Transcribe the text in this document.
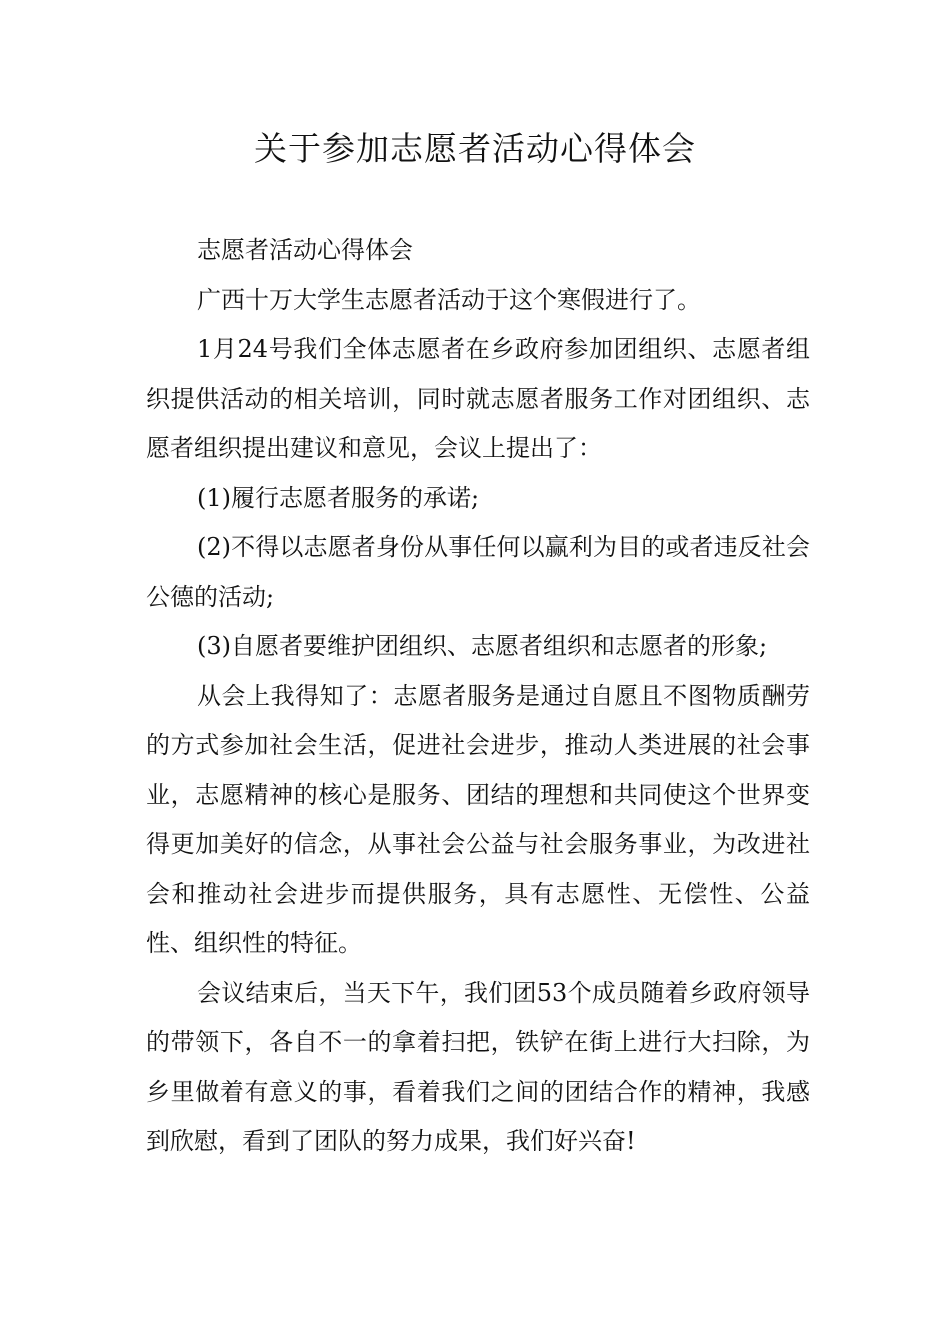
关于参加志愿者活动心得体会

志愿者活动心得体会

广西十万大学生志愿者活动于这个寒假进行了。

1月24号我们全体志愿者在乡政府参加团组织、志愿者组织提供活动的相关培训，同时就志愿者服务工作对团组织、志愿者组织提出建议和意见，会议上提出了：

(1)履行志愿者服务的承诺;

(2)不得以志愿者身份从事任何以赢利为目的或者违反社会公德的活动;

(3)自愿者要维护团组织、志愿者组织和志愿者的形象;

从会上我得知了：志愿者服务是通过自愿且不图物质酬劳的方式参加社会生活，促进社会进步，推动人类进展的社会事业，志愿精神的核心是服务、团结的理想和共同使这个世界变得更加美好的信念，从事社会公益与社会服务事业，为改进社会和推动社会进步而提供服务，具有志愿性、无偿性、公益性、组织性的特征。

会议结束后，当天下午，我们团53个成员随着乡政府领导的带领下，各自不一的拿着扫把，铁铲在街上进行大扫除，为乡里做着有意义的事，看着我们之间的团结合作的精神，我感到欣慰，看到了团队的努力成果，我们好兴奋!
